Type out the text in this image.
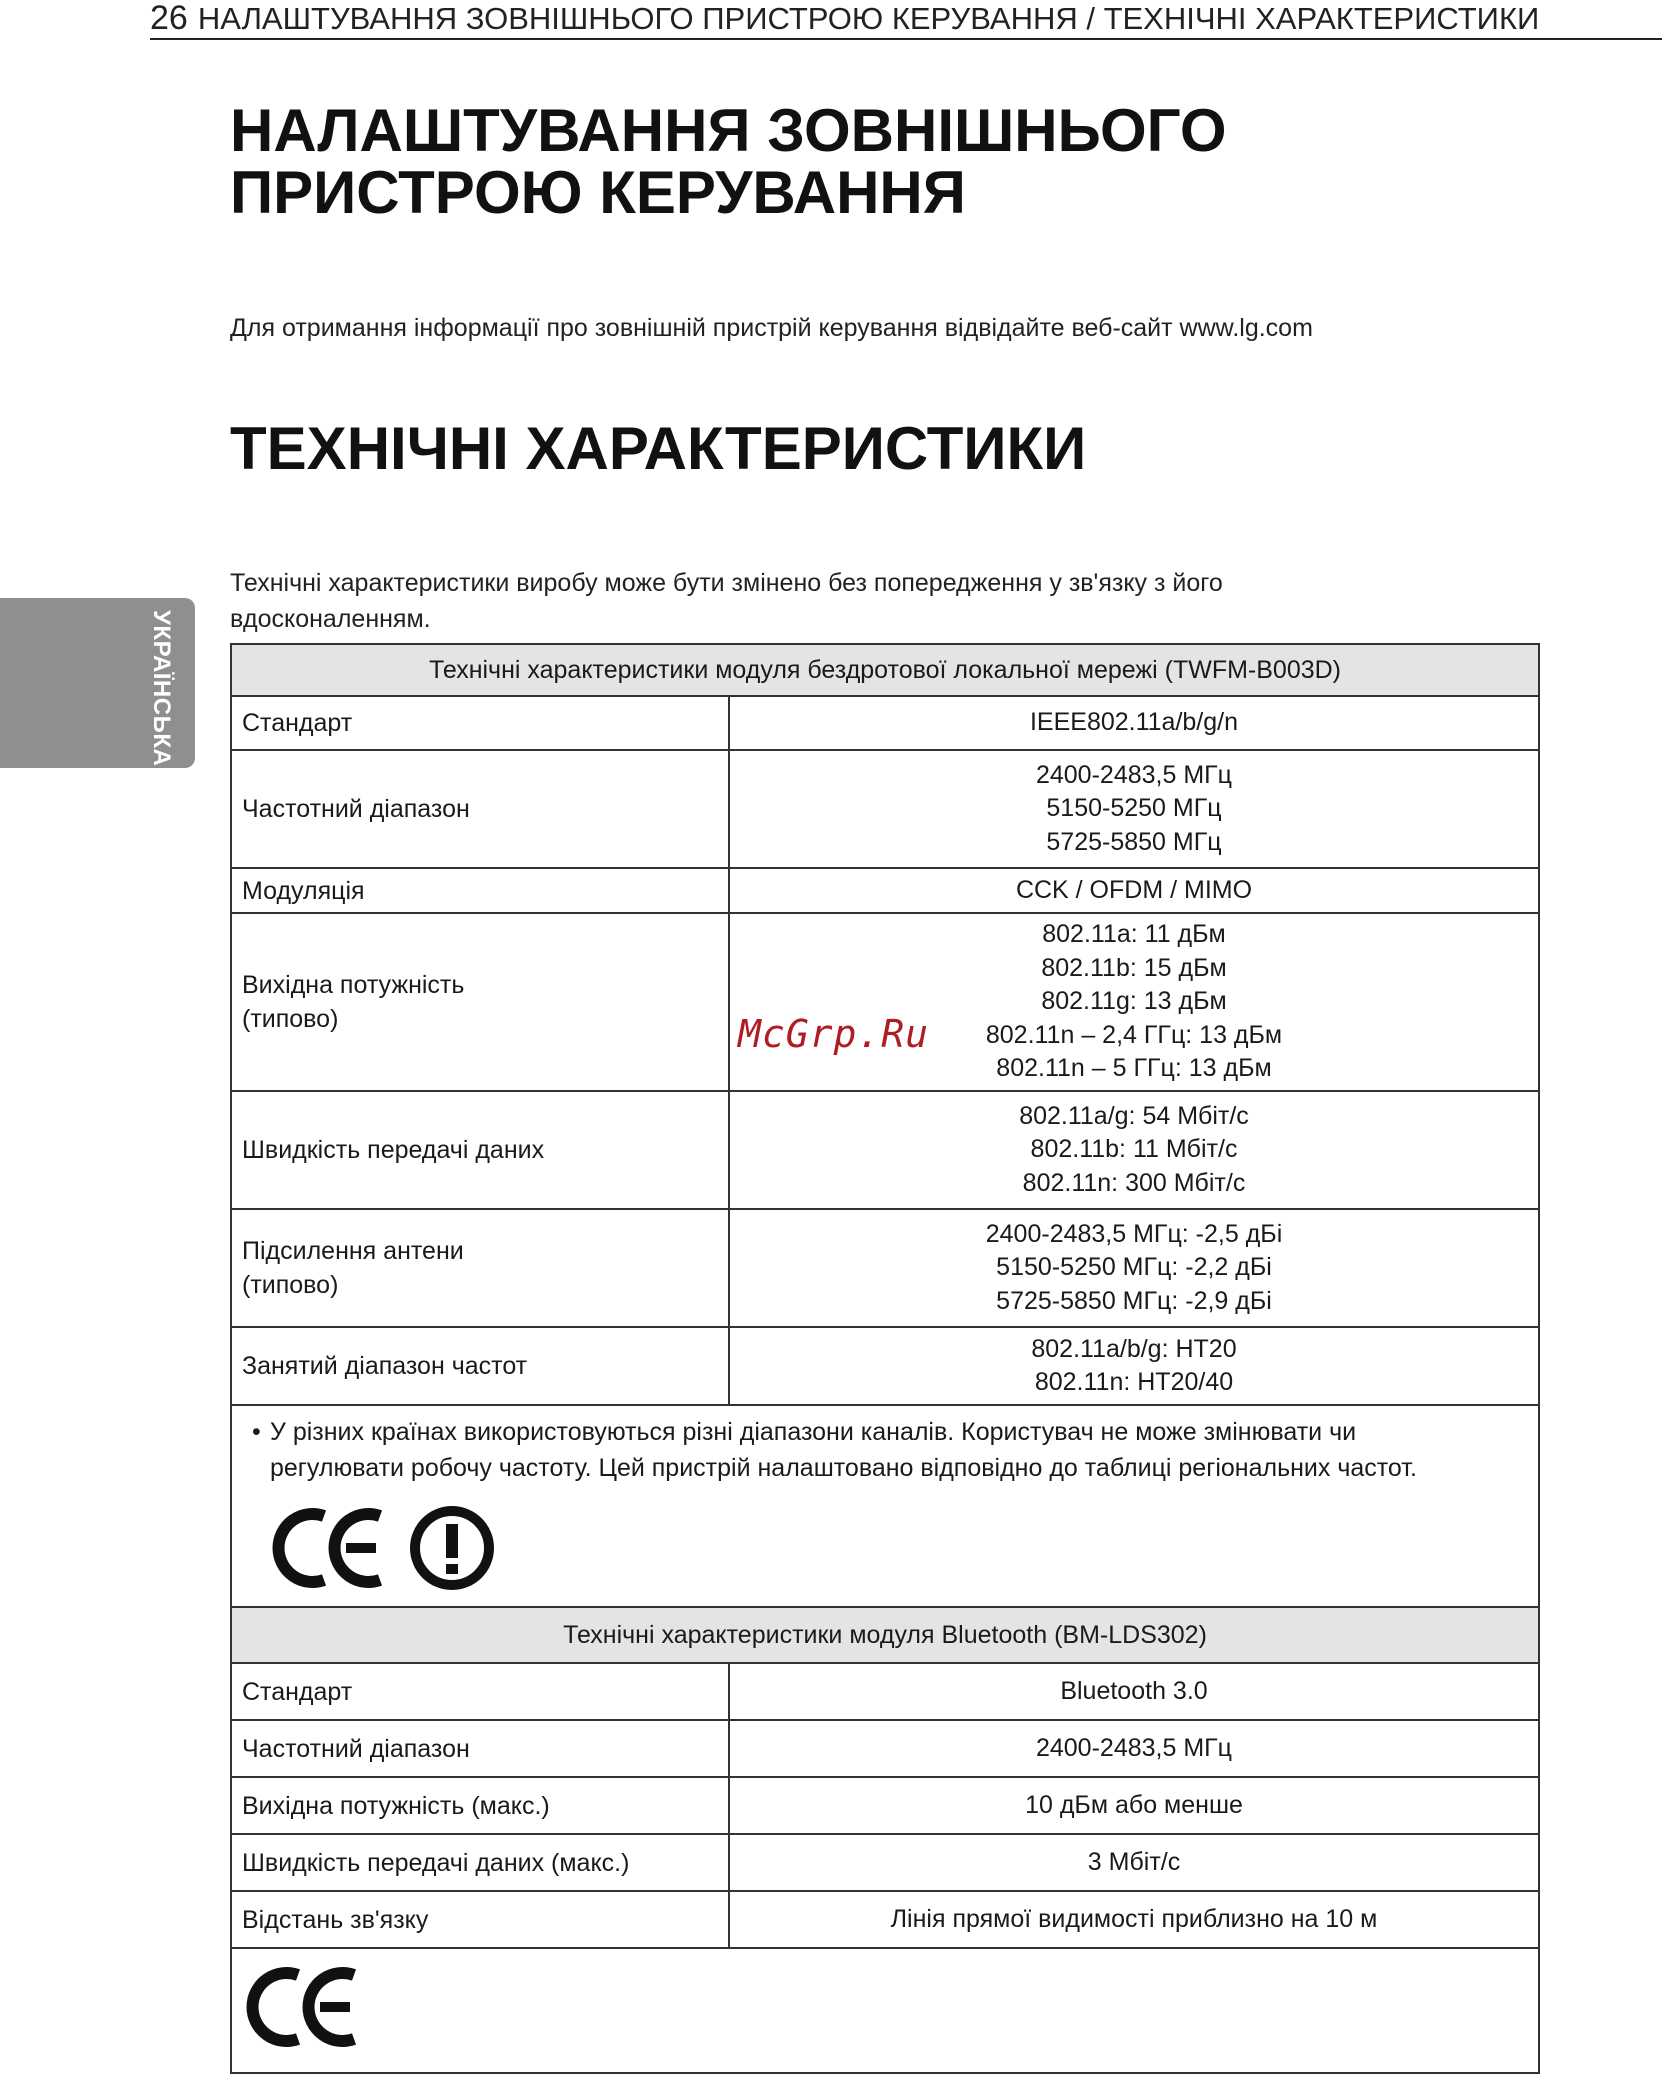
26 НАЛАШТУВАННЯ ЗОВНІШНЬОГО ПРИСТРОЮ КЕРУВАННЯ / ТЕХНІЧНІ ХАРАКТЕРИСТИКИ
УКРАЇНСЬКА
НАЛАШТУВАННЯ ЗОВНІШНЬОГО
ПРИСТРОЮ КЕРУВАННЯ

Для отримання інформації про зовнішній пристрій керування відвідайте веб-сайт www.lg.com

ТЕХНІЧНІ ХАРАКТЕРИСТИКИ

Технічні характеристики виробу може бути змінено без попередження у зв'язку з його
вдосконаленням.

Технічні характеристики модуля бездротової локальної мережі (TWFM-B003D)	
Стандарт	IEEE802.11a/b/g/n
Частотний діапазон	2400-2483,5 МГц
5150-5250 МГц
5725-5850 МГц
Модуляція	CCK / OFDM / MIMO
Вихідна потужність
(типово)	802.11a: 11 дБм
802.11b: 15 дБм
802.11g: 13 дБм
802.11n – 2,4 ГГц: 13 дБм
802.11n – 5 ГГц: 13 дБм
Швидкість передачі даних	802.11a/g: 54 Мбіт/с
802.11b: 11 Мбіт/с
802.11n: 300 Мбіт/с
Підсилення антени
(типово)	2400-2483,5 МГц: -2,5 дБі
5150-5250 МГц: -2,2 дБі
5725-5850 МГц: -2,9 дБі
Занятий діапазон частот	802.11a/b/g: HT20
802.11n: HT20/40

• У різних країнах використовуються різні діапазони каналів. Користувач не може змінювати чи
регулювати робочу частоту. Цей пристрій налаштовано відповідно до таблиці регіональних частот.	

Технічні характеристики модуля Bluetooth (BM-LDS302)	
Стандарт	Bluetooth 3.0
Частотний діапазон	2400-2483,5 МГц
Вихідна потужність (макс.)	10 дБм або менше
Швидкість передачі даних (макс.)	3 Мбіт/с
Відстань зв'язку	Лінія прямої видимості приблизно на 10 м

McGrp.Ru
